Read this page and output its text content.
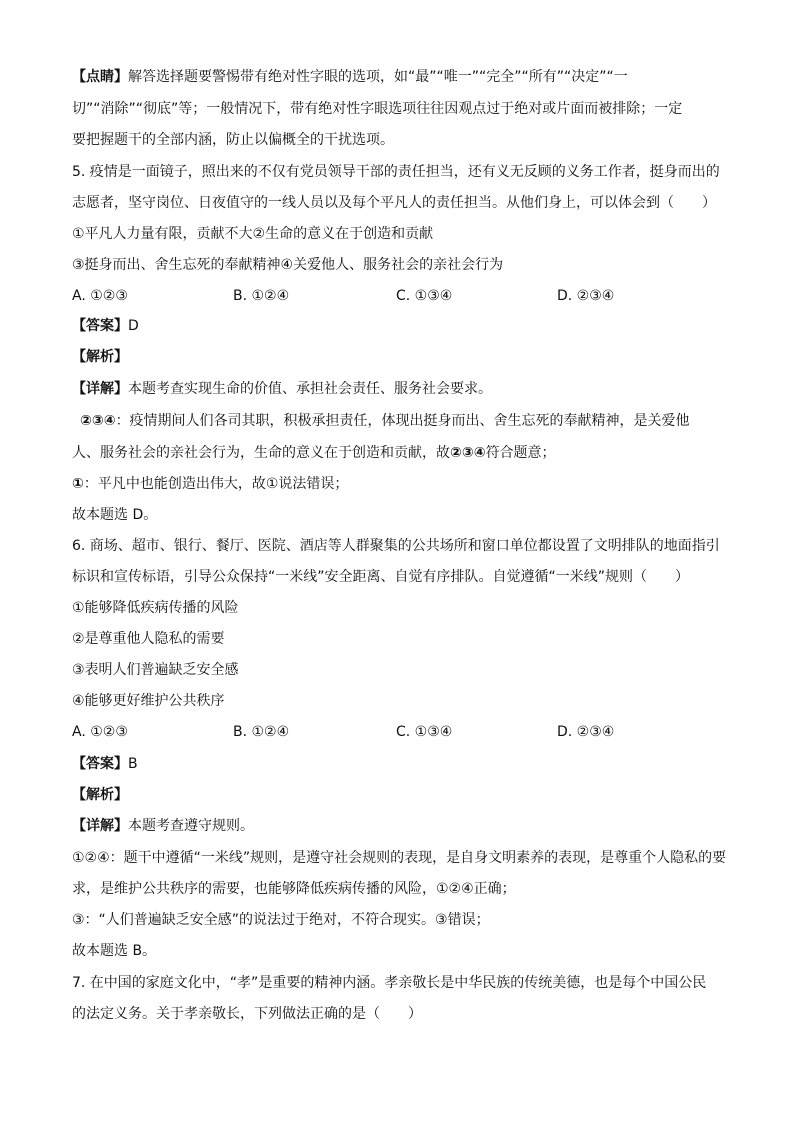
【点睛】解答选择题要警惕带有绝对性字眼的选项，如“最”“唯一”“完全”“所有”“决定”“一
切”“消除”“彻底”等；一般情况下，带有绝对性字眼选项往往因观点过于绝对或片面而被排除；一定
要把握题干的全部内涵，防止以偏概全的干扰选项。
5. 疫情是一面镜子，照出来的不仅有党员领导干部的责任担当，还有义无反顾的义务工作者，挺身而出的
志愿者，坚守岗位、日夜值守的一线人员以及每个平凡人的责任担当。从他们身上，可以体会到（　　）
①平凡人力量有限，贡献不大②生命的意义在于创造和贡献
③挺身而出、舍生忘死的奉献精神④关爱他人、服务社会的亲社会行为
A. ①②③	B. ①②④	C. ①③④	D. ②③④
【答案】D
【解析】
【详解】本题考查实现生命的价值、承担社会责任、服务社会要求。
②③④：疫情期间人们各司其职，积极承担责任，体现出挺身而出、舍生忘死的奉献精神，是关爱他
人、服务社会的亲社会行为，生命的意义在于创造和贡献，故②③④符合题意；
①：平凡中也能创造出伟大，故①说法错误；
故本题选 D。
6. 商场、超市、银行、餐厅、医院、酒店等人群聚集的公共场所和窗口单位都设置了文明排队的地面指引
标识和宣传标语，引导公众保持“一米线”安全距离、自觉有序排队。自觉遵循“一米线”规则（　　）
①能够降低疾病传播的风险
②是尊重他人隐私的需要
③表明人们普遍缺乏安全感
④能够更好维护公共秩序
A. ①②③	B. ①②④	C. ①③④	D. ②③④
【答案】B
【解析】
【详解】本题考查遵守规则。
①②④：题干中遵循“一米线”规则，是遵守社会规则的表现，是自身文明素养的表现，是尊重个人隐私的要
求，是维护公共秩序的需要，也能够降低疾病传播的风险，①②④正确；
③：“人们普遍缺乏安全感”的说法过于绝对，不符合现实。③错误；
故本题选 B。
7. 在中国的家庭文化中，“孝”是重要的精神内涵。孝亲敬长是中华民族的传统美德，也是每个中国公民
的法定义务。关于孝亲敬长，下列做法正确的是（　　）
